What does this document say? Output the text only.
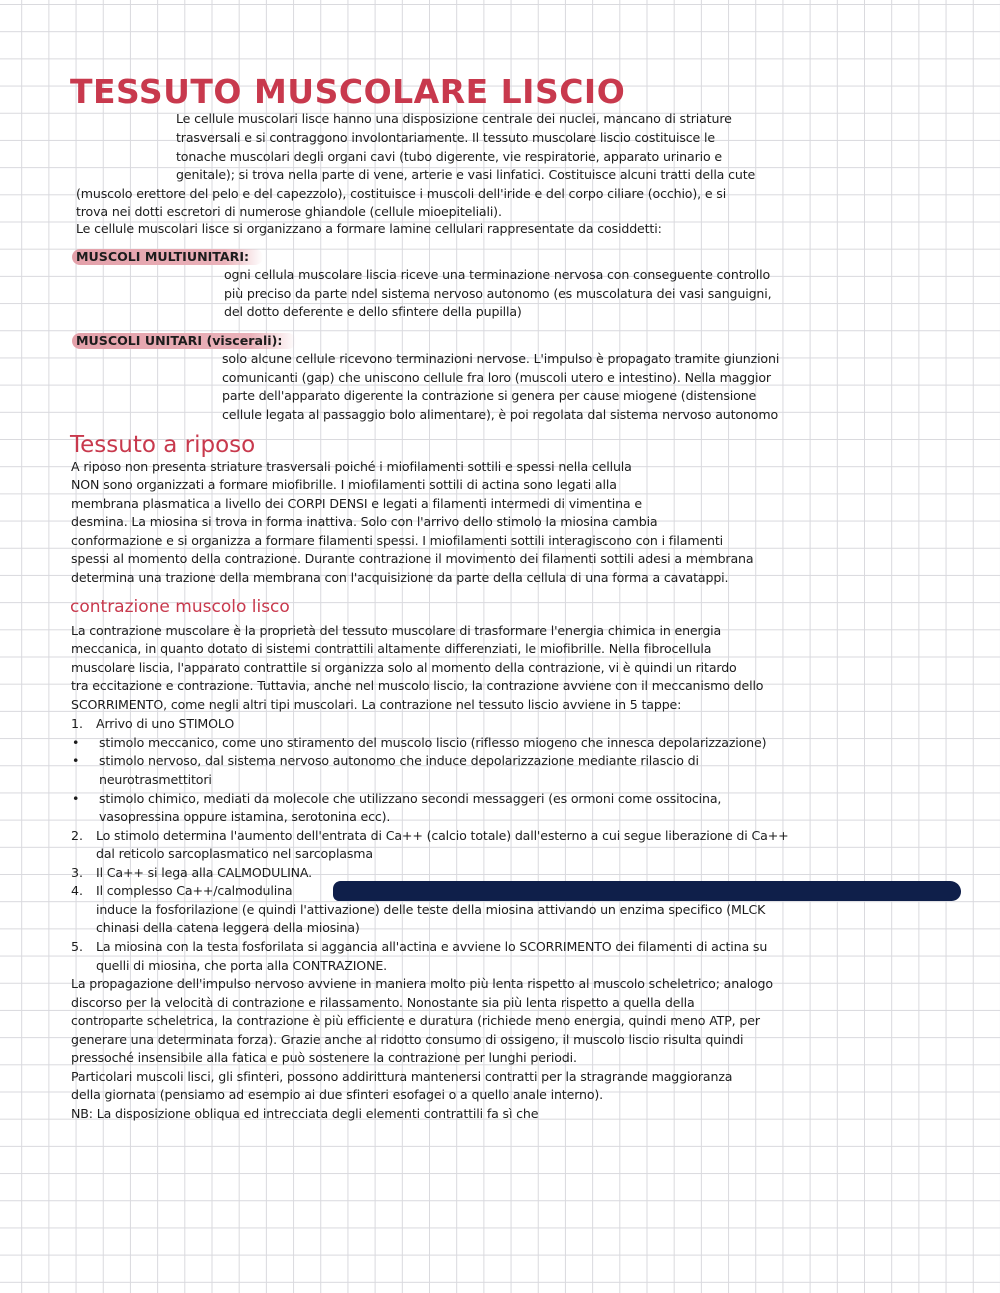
TESSUTO MUSCOLARE LISCIO
Le cellule muscolari lisce hanno una disposizione centrale dei nuclei, mancano di striature
trasversali e si contraggono involontariamente. Il tessuto muscolare liscio costituisce le
tonache muscolari degli organi cavi (tubo digerente, vie respiratorie, apparato urinario e
genitale); si trova nella parte di vene, arterie e vasi linfatici. Costituisce alcuni tratti della cute
(muscolo erettore del pelo e del capezzolo), costituisce i muscoli dell'iride e del corpo ciliare (occhio), e si
trova nei dotti escretori di numerose ghiandole (cellule mioepiteliali).
Le cellule muscolari lisce si organizzano a formare lamine cellulari rappresentate da cosiddetti:
MUSCOLI MULTIUNITARI:
ogni cellula muscolare liscia riceve una terminazione nervosa con conseguente controllo
più preciso da parte ndel sistema nervoso autonomo (es muscolatura dei vasi sanguigni,
del dotto deferente e dello sfintere della pupilla)
MUSCOLI UNITARI (viscerali):
solo alcune cellule ricevono terminazioni nervose. L'impulso è propagato tramite giunzioni
comunicanti (gap) che uniscono cellule fra loro (muscoli utero e intestino). Nella maggior
parte dell'apparato digerente la contrazione si genera per cause miogene (distensione
cellule legata al passaggio bolo alimentare), è poi regolata dal sistema nervoso autonomo
Tessuto a riposo
A riposo non presenta striature trasversali poiché i miofilamenti sottili e spessi nella cellula
NON sono organizzati a formare miofibrille. I miofilamenti sottili di actina sono legati alla
membrana plasmatica a livello dei CORPI DENSI e legati a filamenti intermedi di vimentina e
desmina. La miosina si trova in forma inattiva. Solo con l'arrivo dello stimolo la miosina cambia
conformazione e si organizza a formare filamenti spessi. I miofilamenti sottili interagiscono con i filamenti
spessi al momento della contrazione. Durante contrazione il movimento dei filamenti sottili adesi a membrana
determina una trazione della membrana con l'acquisizione da parte della cellula di una forma a cavatappi.
contrazione muscolo lisco
La contrazione muscolare è la proprietà del tessuto muscolare di trasformare l'energia chimica in energia
meccanica, in quanto dotato di sistemi contrattili altamente differenziati, le miofibrille. Nella fibrocellula
muscolare liscia, l'apparato contrattile si organizza solo al momento della contrazione, vi è quindi un ritardo
tra eccitazione e contrazione. Tuttavia, anche nel muscolo liscio, la contrazione avviene con il meccanismo dello
SCORRIMENTO, come negli altri tipi muscolari. La contrazione nel tessuto liscio avviene in 5 tappe:
1. Arrivo di uno STIMOLO
• stimolo meccanico, come uno stiramento del muscolo liscio (riflesso miogeno che innesca depolarizzazione)
• stimolo nervoso, dal sistema nervoso autonomo che induce depolarizzazione mediante rilascio di
neurotrasmettitori
• stimolo chimico, mediati da molecole che utilizzano secondi messaggeri (es ormoni come ossitocina,
vasopressina oppure istamina, serotonina ecc).
2. Lo stimolo determina l'aumento dell'entrata di Ca++ (calcio totale) dall'esterno a cui segue liberazione di Ca++
dal reticolo sarcoplasmatico nel sarcoplasma
3. Il Ca++ si lega alla CALMODULINA.
4. Il complesso Ca++/calmodulina
induce la fosforilazione (e quindi l'attivazione) delle teste della miosina attivando un enzima specifico (MLCK
chinasi della catena leggera della miosina)
5. La miosina con la testa fosforilata si aggancia all'actina e avviene lo SCORRIMENTO dei filamenti di actina su
quelli di miosina, che porta alla CONTRAZIONE.
La propagazione dell'impulso nervoso avviene in maniera molto più lenta rispetto al muscolo scheletrico; analogo
discorso per la velocità di contrazione e rilassamento. Nonostante sia più lenta rispetto a quella della
controparte scheletrica, la contrazione è più efficiente e duratura (richiede meno energia, quindi meno ATP, per
generare una determinata forza). Grazie anche al ridotto consumo di ossigeno, il muscolo liscio risulta quindi
pressoché insensibile alla fatica e può sostenere la contrazione per lunghi periodi.
Particolari muscoli lisci, gli sfinteri, possono addirittura mantenersi contratti per la stragrande maggioranza
della giornata (pensiamo ad esempio ai due sfinteri esofagei o a quello anale interno).
NB: La disposizione obliqua ed intrecciata degli elementi contrattili fa sì che
